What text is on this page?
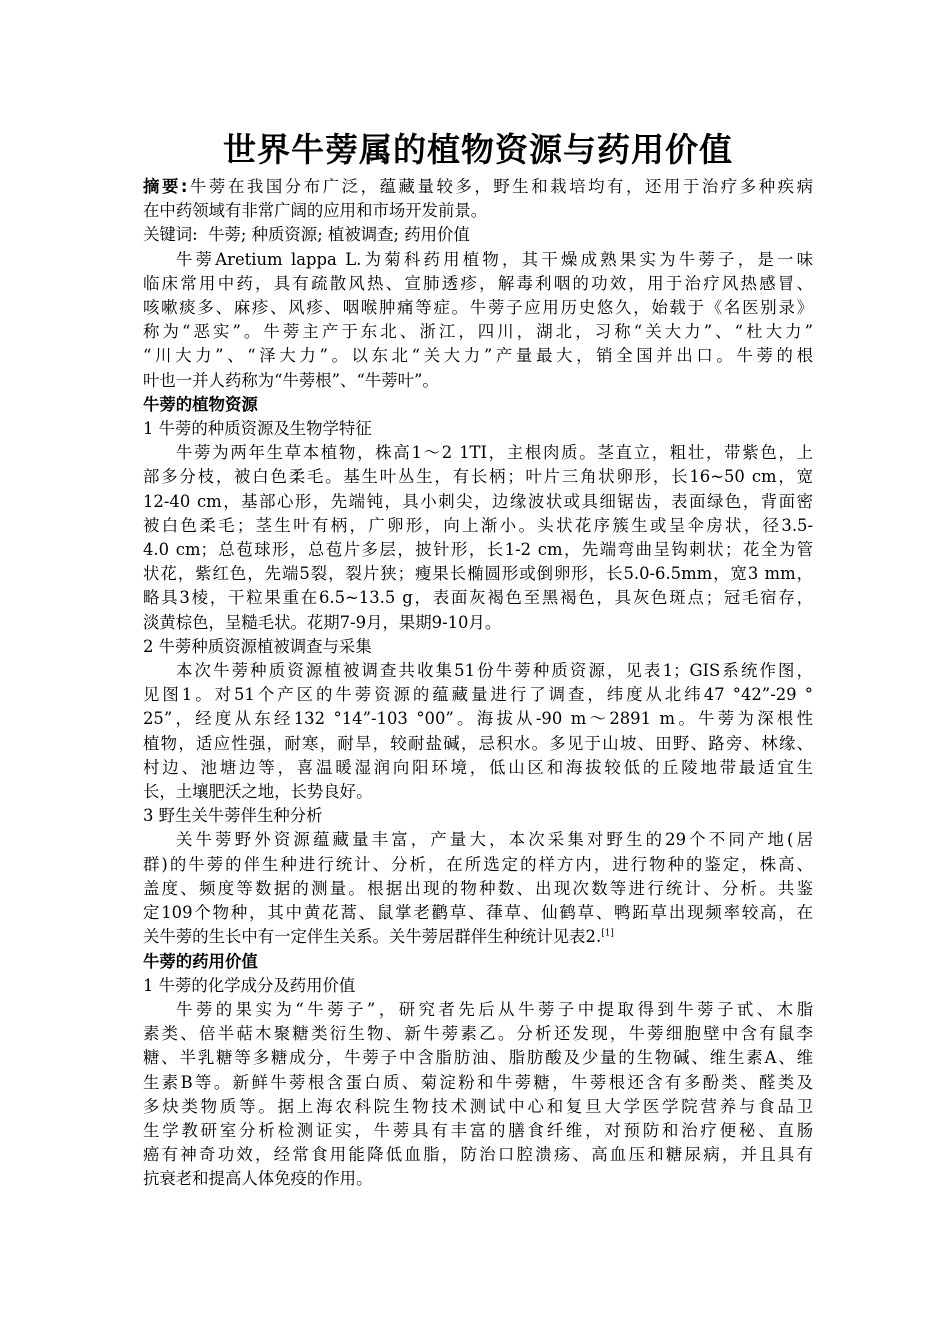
世界牛蒡属的植物资源与药用价值
摘要:牛蒡在我国分布广泛，蕴藏量较多，野生和栽培均有，还用于治疗多种疾病
在中药领域有非常广阔的应用和市场开发前景。
关键词:  牛蒡; 种质资源; 植被调查; 药用价值
牛蒡Aretium lappa L.为菊科药用植物，其干燥成熟果实为牛蒡子，是一味
临床常用中药，具有疏散风热、宣肺透疹，解毒利咽的功效，用于治疗风热感冒、
咳嗽痰多、麻疹、风疹、咽喉肿痛等症。牛蒡子应用历史悠久，始载于《名医别录》
称为“恶实”。牛蒡主产于东北、浙江，四川，湖北，习称“关大力”、“杜大力”
“川大力”、“泽大力”。以东北“关大力”产量最大，销全国并出口。牛蒡的根
叶也一并人药称为“牛蒡根”、“牛蒡叶”。
牛蒡的植物资源
1 牛蒡的种质资源及生物学特征
牛蒡为两年生草本植物，株高1～2 1TI，主根肉质。茎直立，粗壮，带紫色，上
部多分枝，被白色柔毛。基生叶丛生，有长柄；叶片三角状卵形，长16~50 cm，宽
12-40 cm，基部心形，先端钝，具小刺尖，边缘波状或具细锯齿，表面绿色，背面密
被白色柔毛；茎生叶有柄，广卵形，向上渐小。头状花序簇生或呈伞房状，径3.5-
4.0 cm；总苞球形，总苞片多层，披针形，长1-2 cm，先端弯曲呈钩刺状；花全为管
状花，紫红色，先端5裂，裂片狭；瘦果长椭圆形或倒卵形，长5.0-6.5mm，宽3 mm，
略具3棱，干粒果重在6.5~13.5 g，表面灰褐色至黑褐色，具灰色斑点；冠毛宿存，
淡黄棕色，呈糙毛状。花期7-9月，果期9-10月。
2 牛蒡种质资源植被调查与采集
本次牛蒡种质资源植被调查共收集51份牛蒡种质资源，见表1；GIS系统作图，
见图1。对51个产区的牛蒡资源的蕴藏量进行了调查，纬度从北纬47 °42”-29 °
25”，经度从东经132 °14”-103 °00”。海拔从-90 m～2891 m。牛蒡为深根性
植物，适应性强，耐寒，耐旱，较耐盐碱，忌积水。多见于山坡、田野、路旁、林缘、
村边、池塘边等，喜温暖湿润向阳环境，低山区和海拔较低的丘陵地带最适宜生
长，土壤肥沃之地，长势良好。
3 野生关牛蒡伴生种分析
关牛蒡野外资源蕴藏量丰富，产量大，本次采集对野生的29个不同产地(居
群)的牛蒡的伴生种进行统计、分析，在所选定的样方内，进行物种的鉴定，株高、
盖度、频度等数据的测量。根据出现的物种数、出现次数等进行统计、分析。共鉴
定109个物种，其中黄花蒿、鼠掌老鹳草、葎草、仙鹤草、鸭跖草出现频率较高，在
关牛蒡的生长中有一定伴生关系。关牛蒡居群伴生种统计见表2.[1]
牛蒡的药用价值
1 牛蒡的化学成分及药用价值
牛蒡的果实为“牛蒡子”，研究者先后从牛蒡子中提取得到牛蒡子甙、木脂
素类、倍半萜木聚糖类衍生物、新牛蒡素乙。分析还发现，牛蒡细胞壁中含有鼠李
糖、半乳糖等多糖成分，牛蒡子中含脂肪油、脂肪酸及少量的生物碱、维生素A、维
生素B等。新鲜牛蒡根含蛋白质、菊淀粉和牛蒡糖，牛蒡根还含有多酚类、醛类及
多炔类物质等。据上海农科院生物技术测试中心和复旦大学医学院营养与食品卫
生学教研室分析检测证实，牛蒡具有丰富的膳食纤维，对预防和治疗便秘、直肠
癌有神奇功效，经常食用能降低血脂，防治口腔溃疡、高血压和糖尿病，并且具有
抗衰老和提高人体免疫的作用。
